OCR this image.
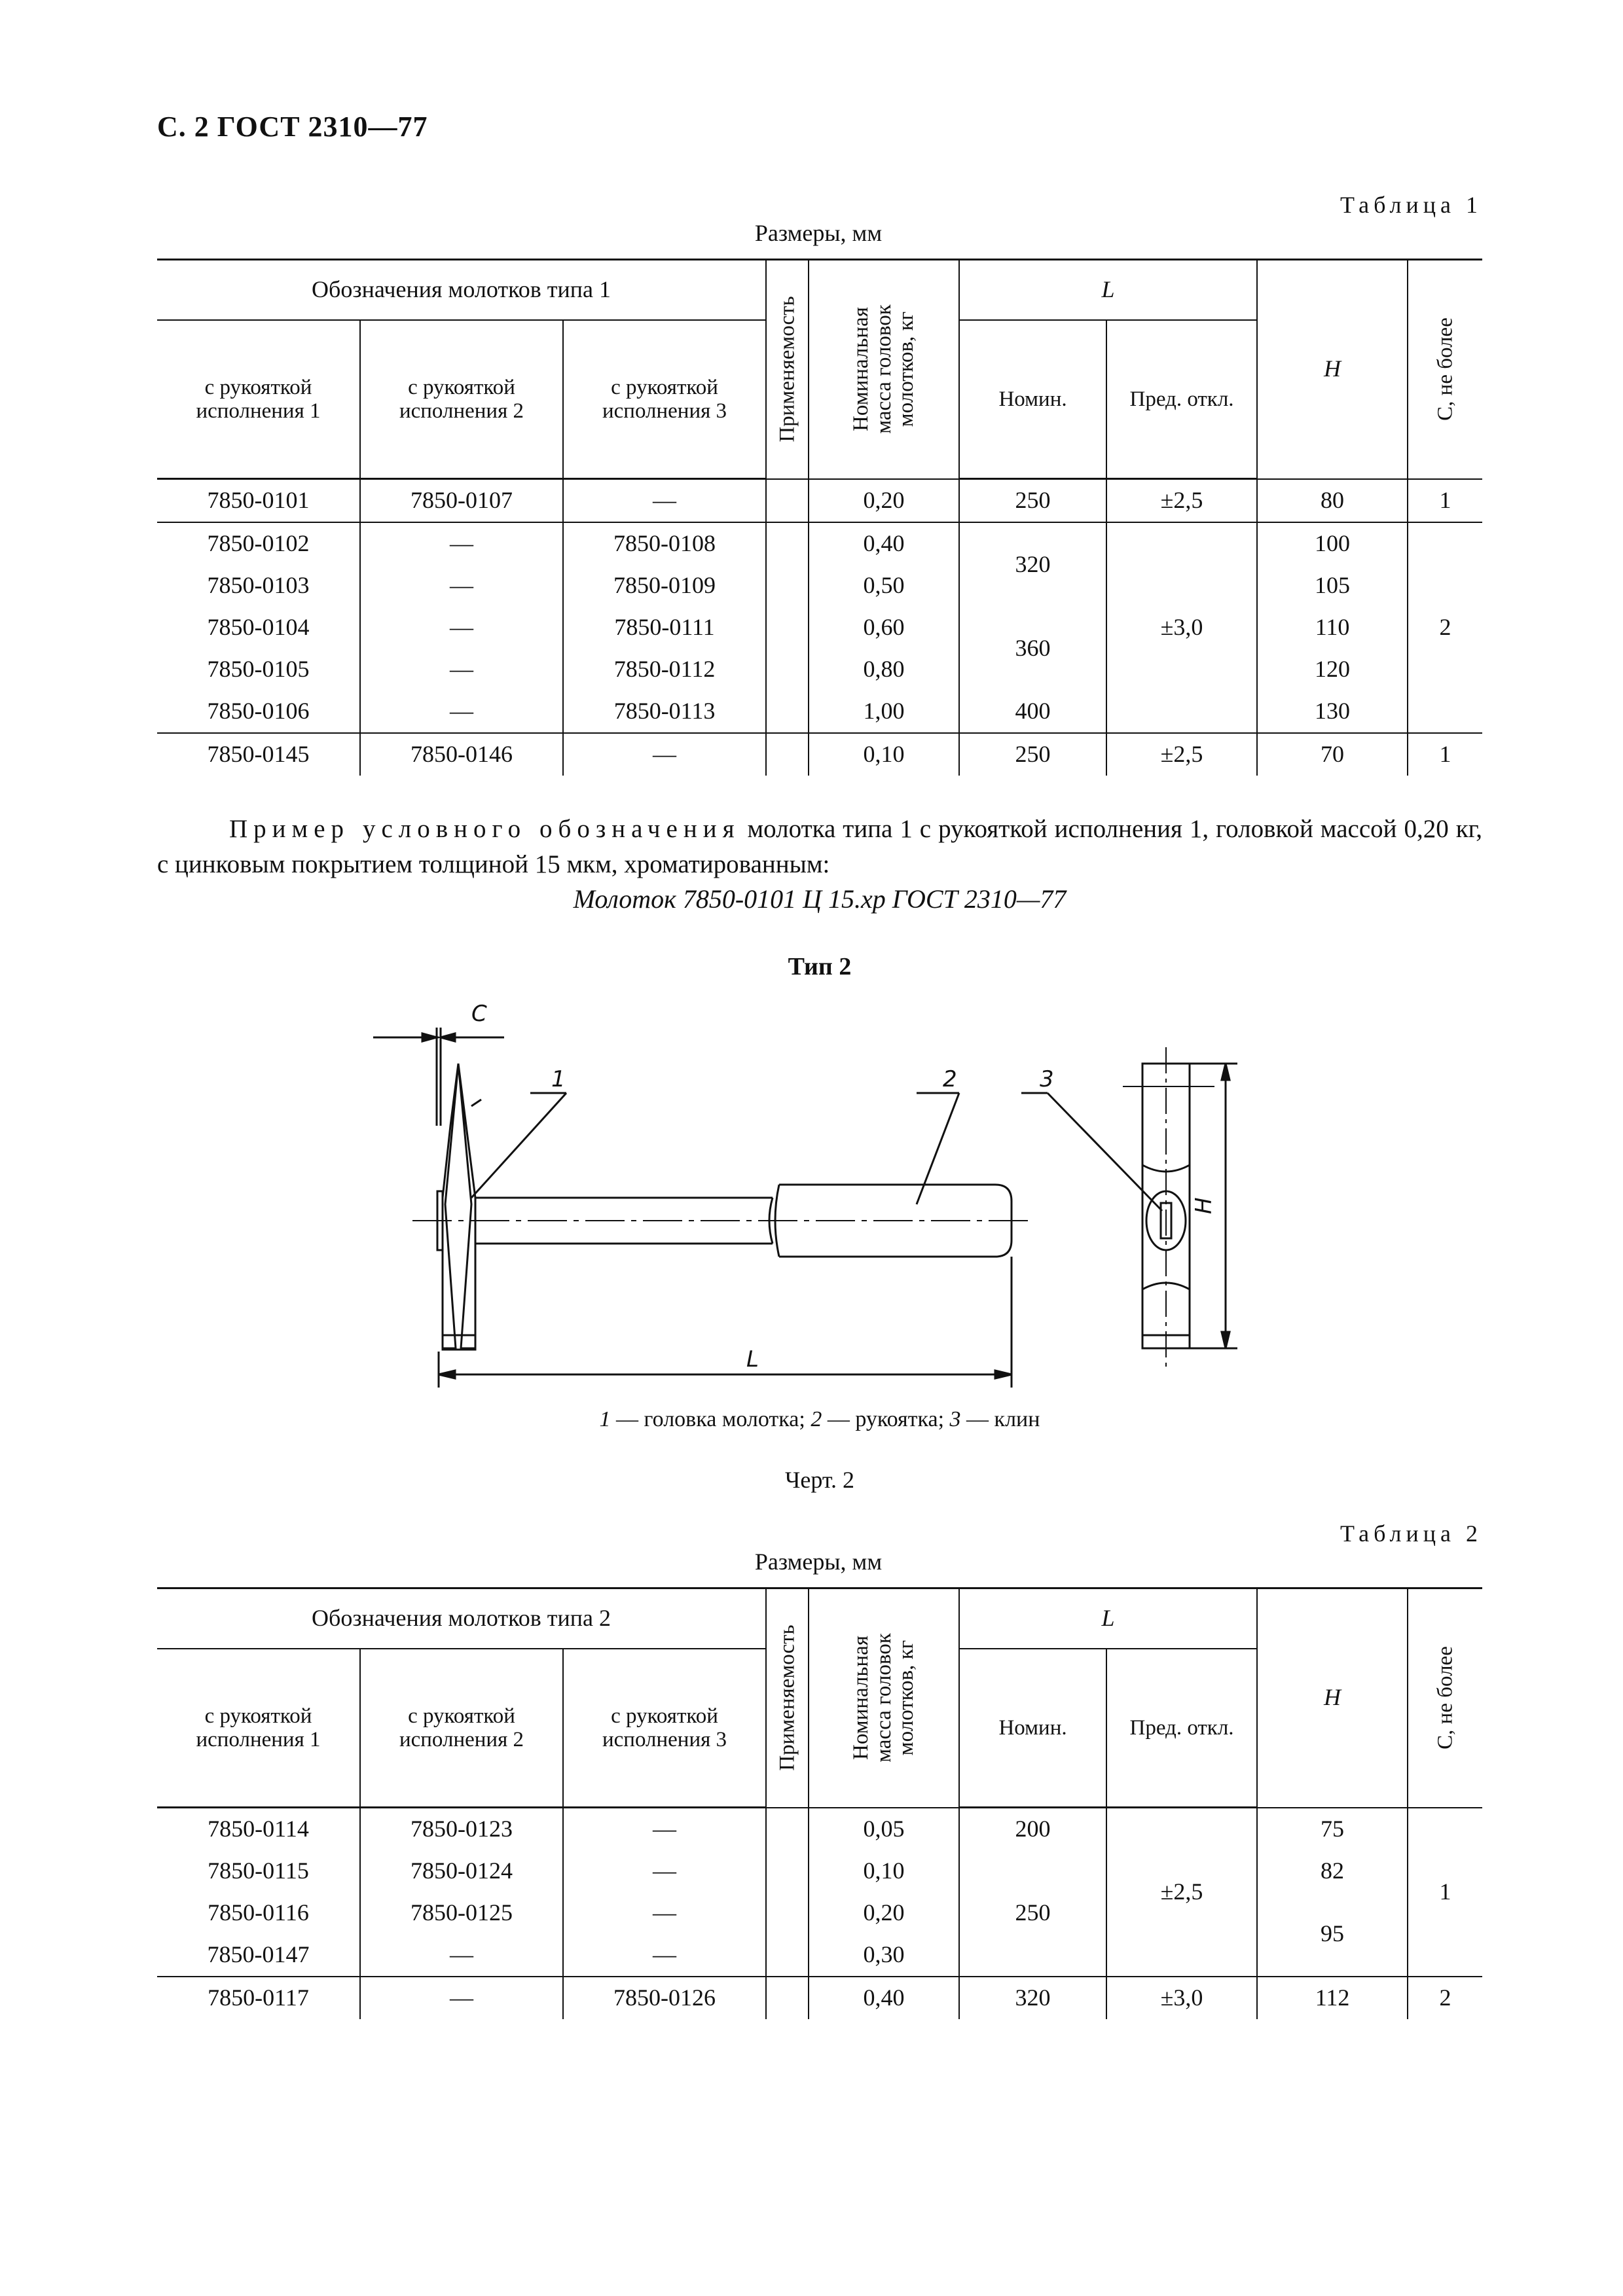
С. 2 ГОСТ 2310—77
Таблица 1
Размеры, мм
Обозначения молотков типа 1			Применяемость	Номинальная масса головок молотков, кг	L		H	C, не более

с рукояткой исполнения 1	с рукояткой исполнения 2	с рукояткой исполнения 3			Номин.	Пред. откл.		
7850-0101	7850-0107	—		0,20	250	±2,5	80	1
7850-0102	—	7850-0108		0,40	320	±3,0	100	2
7850-0103	—	7850-0109		0,50			105	
7850-0104	—	7850-0111		0,60	360		110	
7850-0105	—	7850-0112		0,80			120	
7850-0106	—	7850-0113		1,00	400		130	
7850-0145	7850-0146	—		0,10	250	±2,5	70	1
Пример условного обозначения молотка типа 1 с рукояткой исполнения 1, головкой массой 0,20 кг, с цинковым покрытием толщиной 15 мкм, хроматированным:
Молоток 7850-0101 Ц 15.хр ГОСТ 2310—77
Тип 2
C
1	2	3
L
H
1 — головка молотка; 2 — рукоятка; 3 — клин
Черт. 2
Таблица 2
Размеры, мм
Обозначения молотков типа 2			Применяемость	Номинальная масса головок молотков, кг	L		H	C, не более

с рукояткой исполнения 1	с рукояткой исполнения 2	с рукояткой исполнения 3			Номин.	Пред. откл.		
7850-0114	7850-0123	—		0,05	200	±2,5	75	1
7850-0115	7850-0124	—		0,10	250		82	
7850-0116	7850-0125	—		0,20			95	
7850-0147	—	—		0,30				
7850-0117	—	7850-0126		0,40	320	±3,0	112	2
